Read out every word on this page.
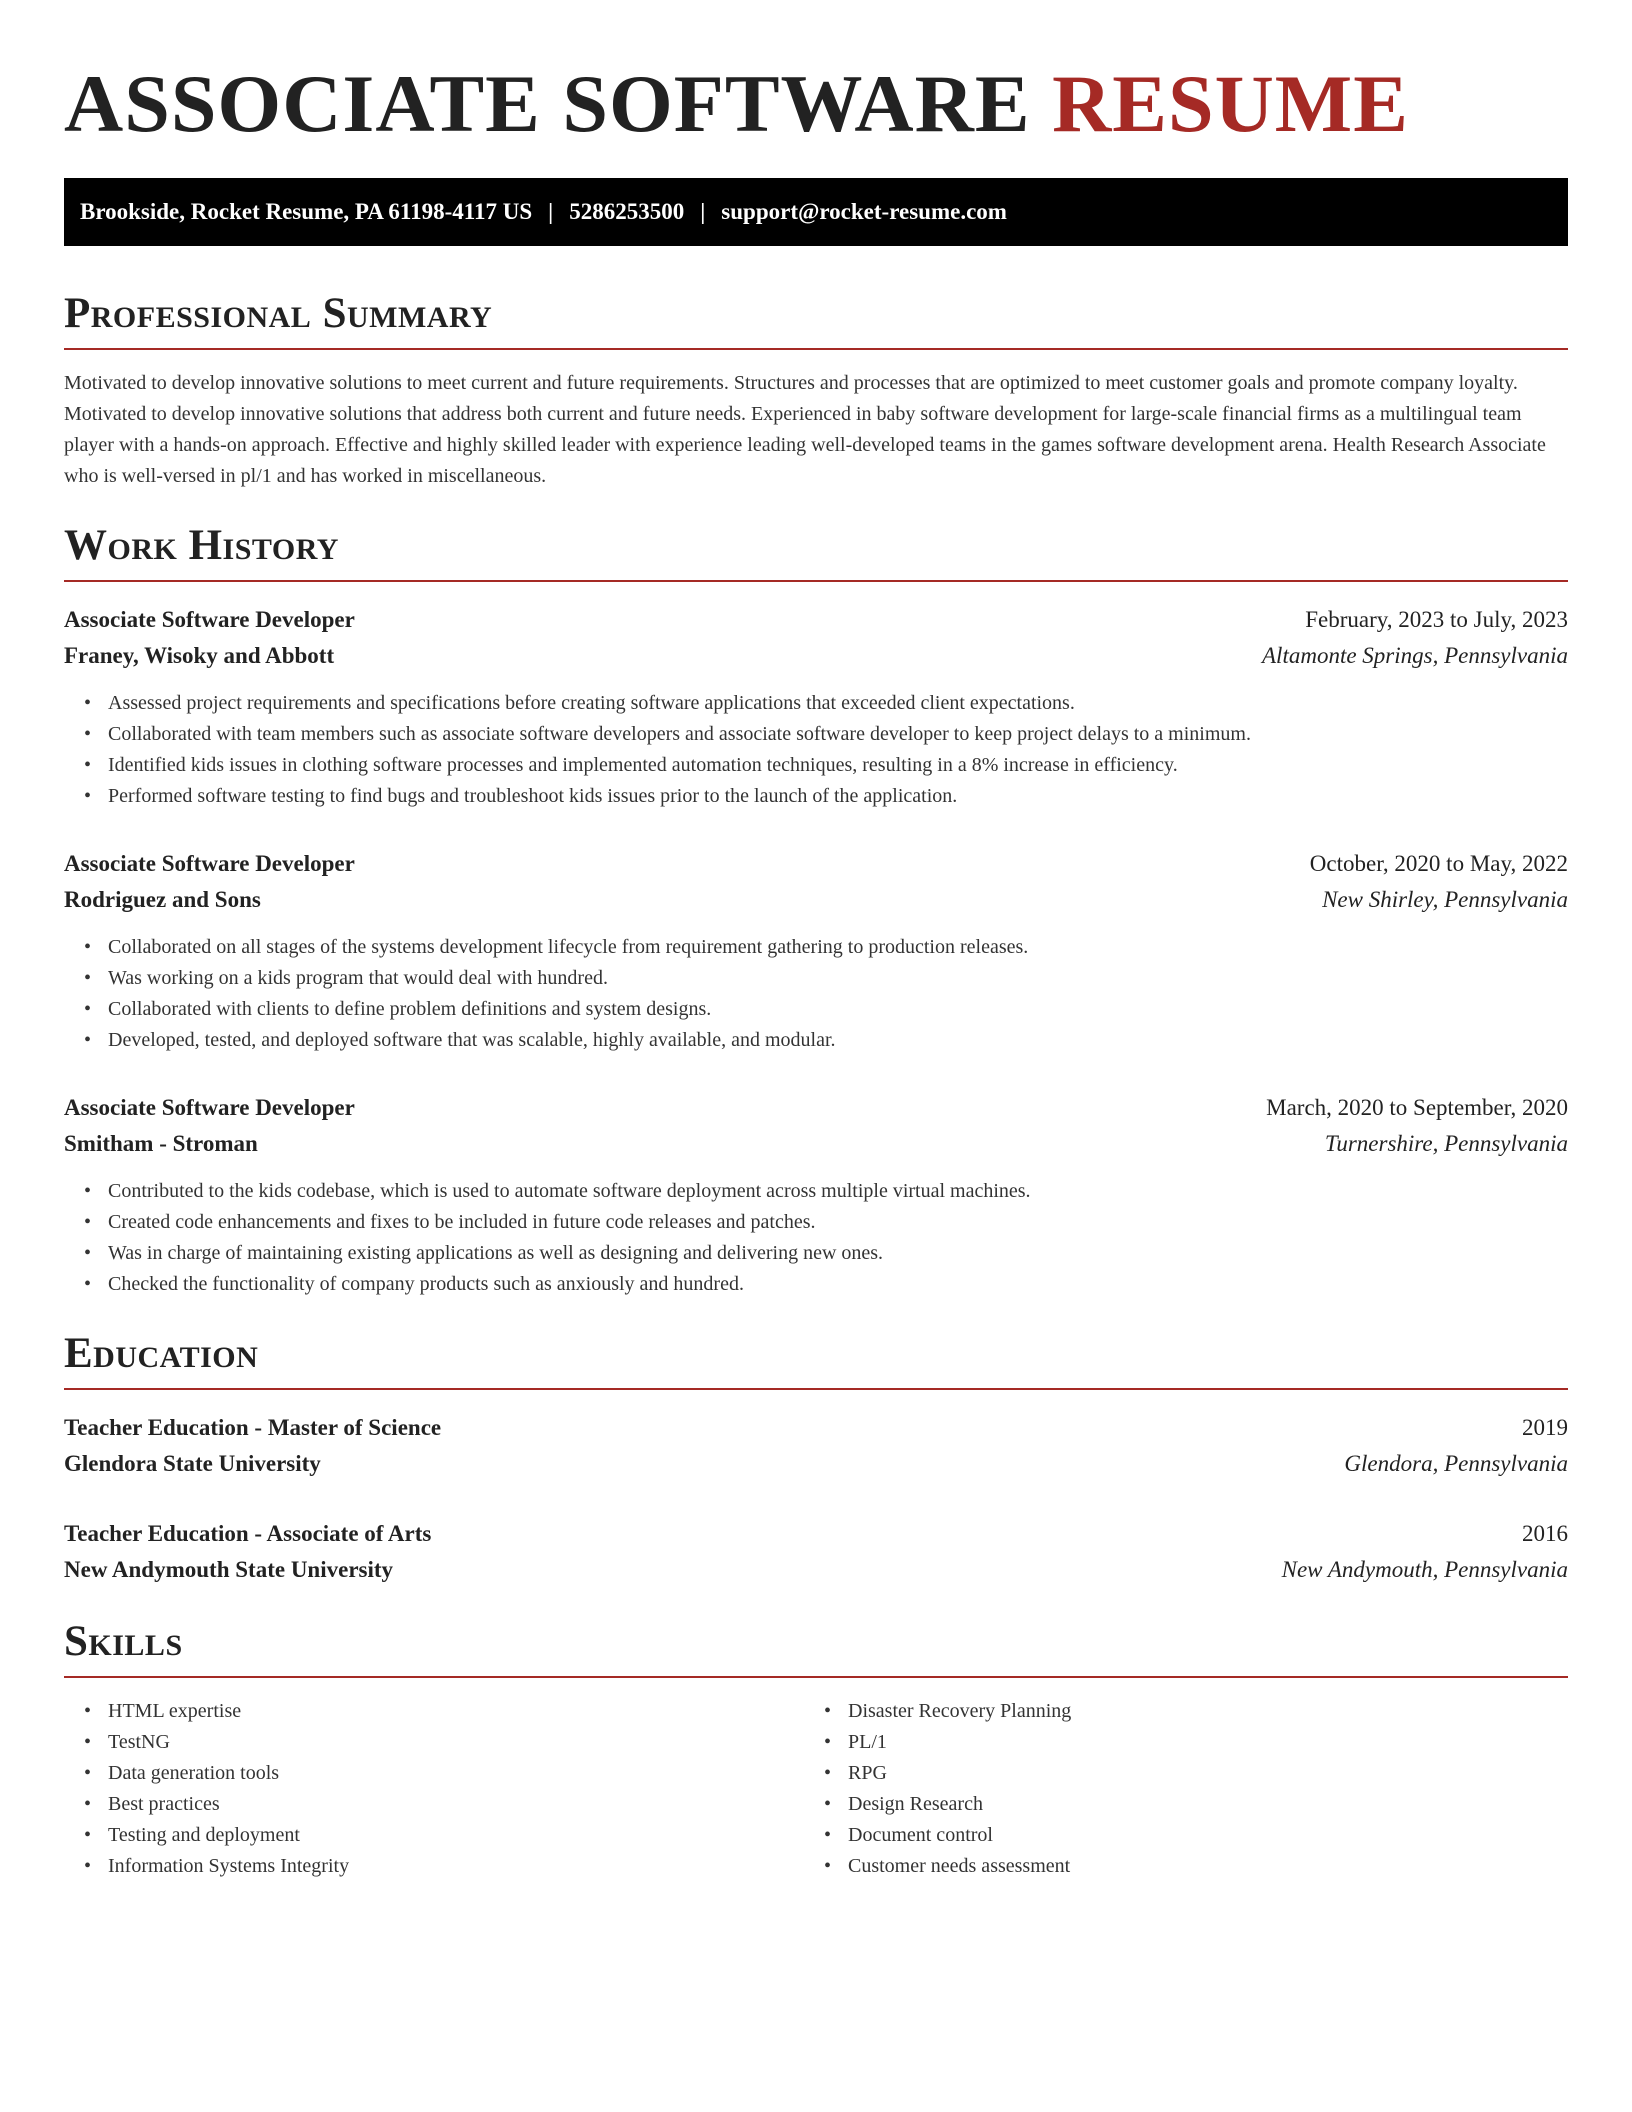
ASSOCIATE SOFTWARE RESUME
Brookside, Rocket Resume, PA 61198-4117 US | 5286253500 | support@rocket-resume.com
Professional Summary

Motivated to develop innovative solutions to meet current and future requirements. Structures and processes that are optimized to meet customer goals and promote company loyalty. Motivated to develop innovative solutions that address both current and future needs. Experienced in baby software development for large-scale financial firms as a multilingual team player with a hands-on approach. Effective and highly skilled leader with experience leading well-developed teams in the games software development arena. Health Research Associate who is well-versed in pl/1 and has worked in miscellaneous.

Work History
Associate Software Developer	February, 2023 to July, 2023
Franey, Wisoky and Abbott	Altamonte Springs, Pennsylvania
• Assessed project requirements and specifications before creating software applications that exceeded client expectations.
• Collaborated with team members such as associate software developers and associate software developer to keep project delays to a minimum.
• Identified kids issues in clothing software processes and implemented automation techniques, resulting in a 8% increase in efficiency.
• Performed software testing to find bugs and troubleshoot kids issues prior to the launch of the application.
Associate Software Developer	October, 2020 to May, 2022
Rodriguez and Sons	New Shirley, Pennsylvania
• Collaborated on all stages of the systems development lifecycle from requirement gathering to production releases.
• Was working on a kids program that would deal with hundred.
• Collaborated with clients to define problem definitions and system designs.
• Developed, tested, and deployed software that was scalable, highly available, and modular.
Associate Software Developer	March, 2020 to September, 2020
Smitham - Stroman	Turnershire, Pennsylvania
• Contributed to the kids codebase, which is used to automate software deployment across multiple virtual machines.
• Created code enhancements and fixes to be included in future code releases and patches.
• Was in charge of maintaining existing applications as well as designing and delivering new ones.
• Checked the functionality of company products such as anxiously and hundred.
Education
Teacher Education - Master of Science	2019
Glendora State University	Glendora, Pennsylvania
Teacher Education - Associate of Arts	2016
New Andymouth State University	New Andymouth, Pennsylvania
Skills
• HTML expertise
• TestNG
• Data generation tools
• Best practices
• Testing and deployment
• Information Systems Integrity
• Disaster Recovery Planning
• PL/1
• RPG
• Design Research
• Document control
• Customer needs assessment
